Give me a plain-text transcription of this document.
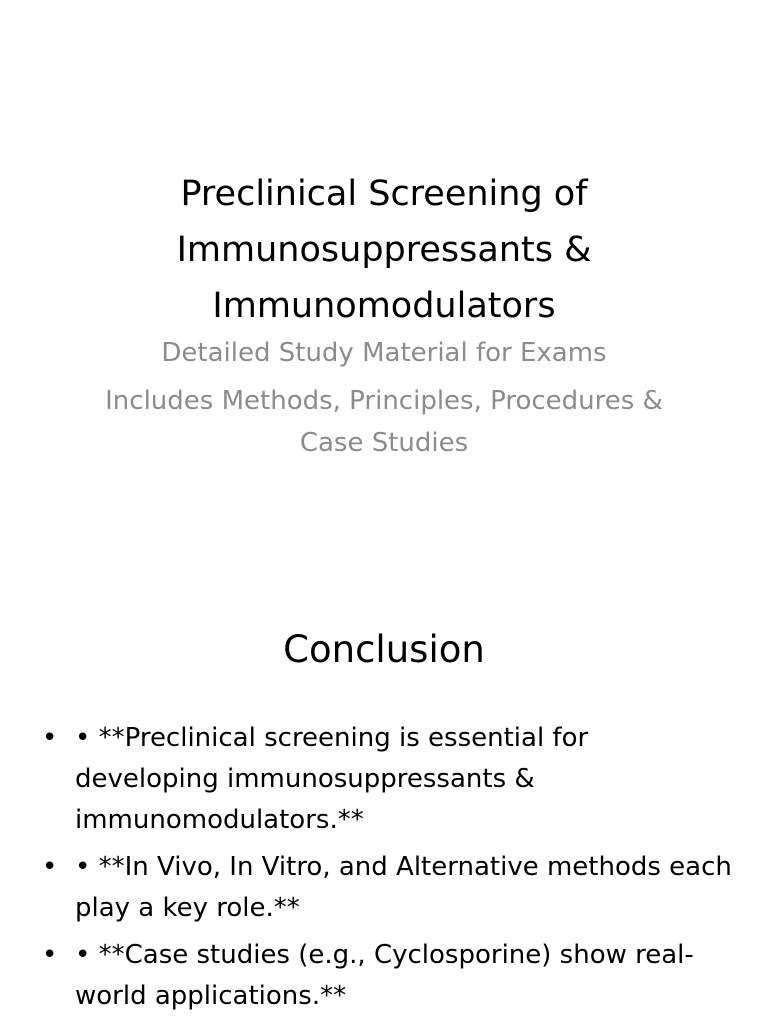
Preclinical Screening of
Immunosuppressants &
Immunomodulators

Detailed Study Material for Exams

Includes Methods, Principles, Procedures & Case Studies

Conclusion
• • **Preclinical screening is essential for developing immunosuppressants & immunomodulators.**
• • **In Vivo, In Vitro, and Alternative methods each play a key role.**
• • **Case studies (e.g., Cyclosporine) show real-world applications.**
